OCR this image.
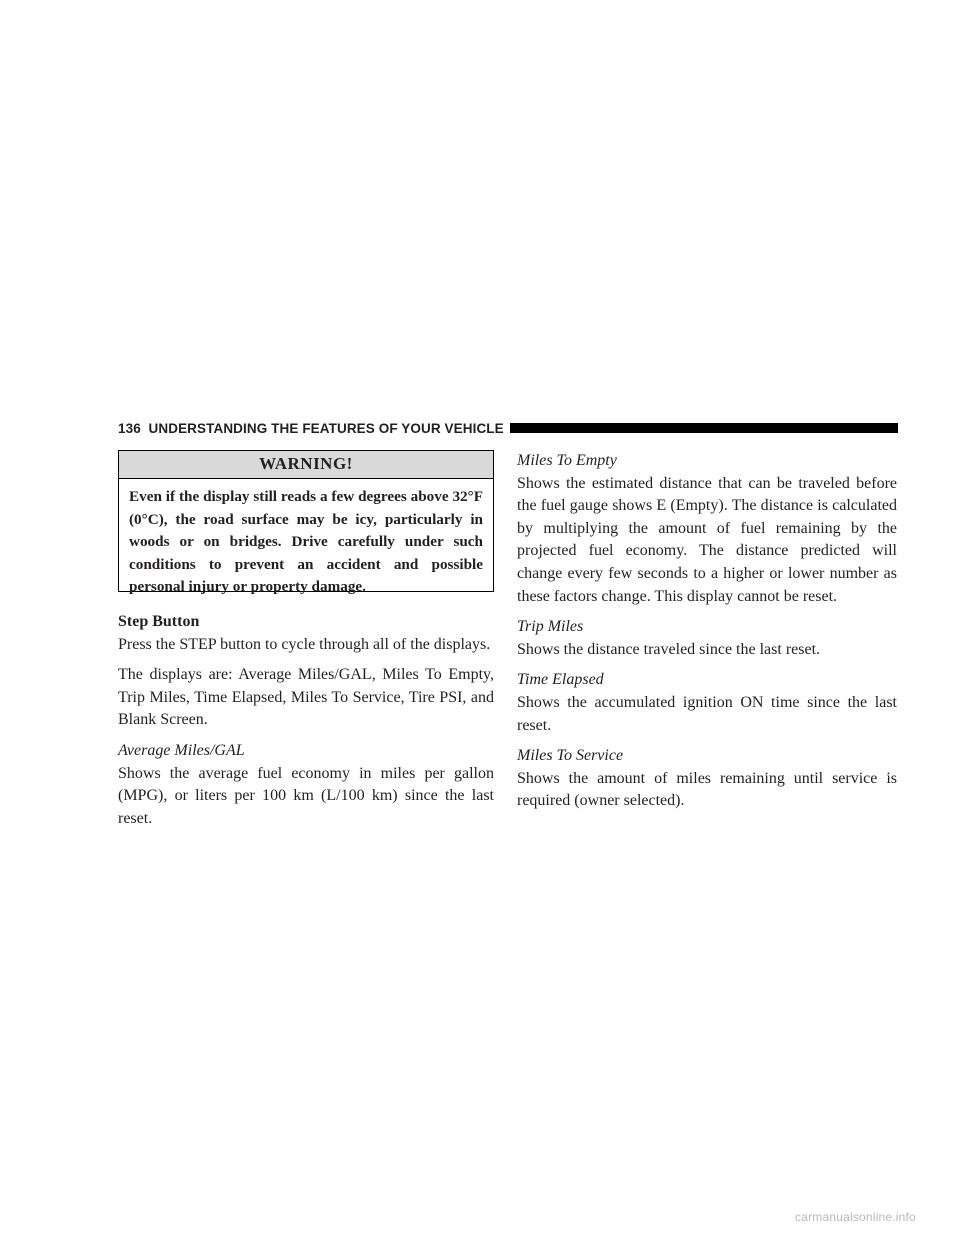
136
UNDERSTANDING THE FEATURES OF YOUR VEHICLE
WARNING!
Even if the display still reads a few degrees above 32°F (0°C), the road surface may be icy, particularly in woods or on bridges. Drive carefully under such conditions to prevent an accident and possible personal injury or property damage.
Step Button

Press the STEP button to cycle through all of the displays.

The displays are: Average Miles/GAL, Miles To Empty, Trip Miles, Time Elapsed, Miles To Service, Tire PSI, and Blank Screen.

Average Miles/GAL

Shows the average fuel economy in miles per gallon (MPG), or liters per 100 km (L/100 km) since the last reset.

Miles To Empty

Shows the estimated distance that can be traveled before the fuel gauge shows E (Empty). The distance is calculated by multiplying the amount of fuel remaining by the projected fuel economy. The distance predicted will change every few seconds to a higher or lower number as these factors change. This display cannot be reset.

Trip Miles

Shows the distance traveled since the last reset.

Time Elapsed

Shows the accumulated ignition ON time since the last reset.

Miles To Service

Shows the amount of miles remaining until service is required (owner selected).

carmanualsonline.info
